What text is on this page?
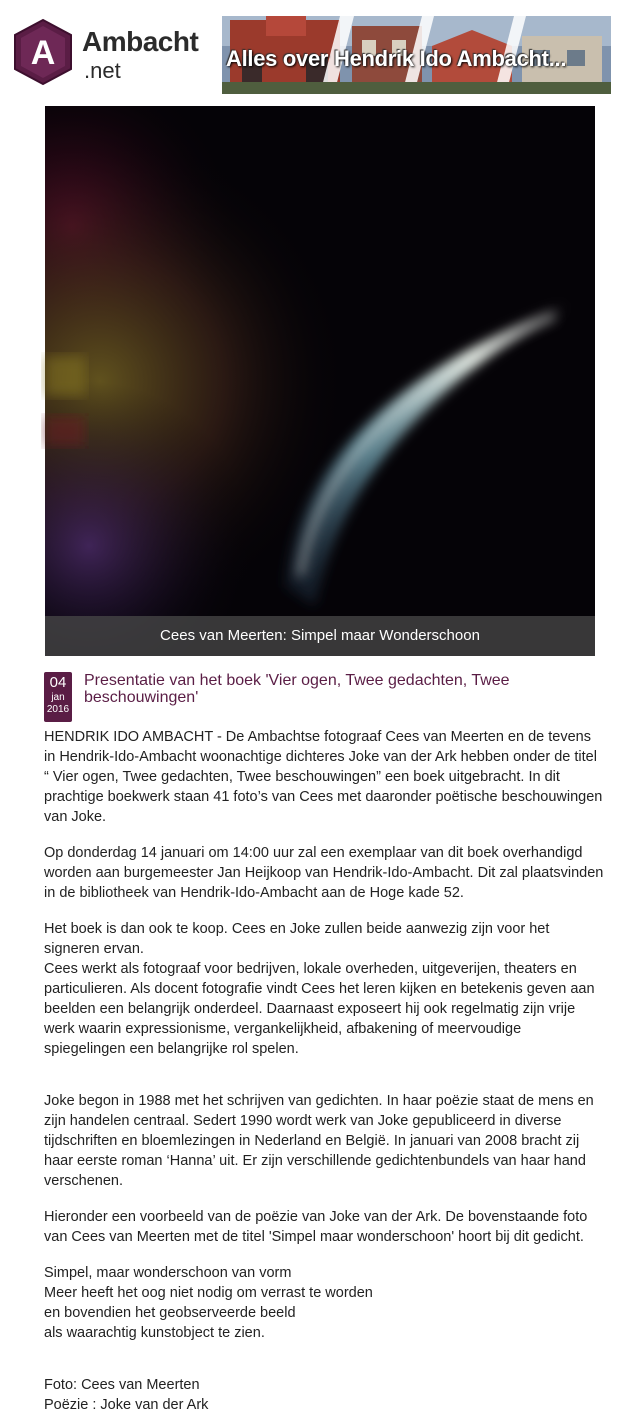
A Ambacht
.net	Alles over Hendrik Ido Ambacht...
Cees van Meerten: Simpel maar Wonderschoon
04
jan
2016
Presentatie van het boek 'Vier ogen, Twee gedachten, Twee beschouwingen'

HENDRIK IDO AMBACHT - De Ambachtse fotograaf Cees van Meerten en de tevens in Hendrik-Ido-Ambacht woonachtige dichteres Joke van der Ark hebben onder de titel “ Vier ogen, Twee gedachten, Twee beschouwingen” een boek uitgebracht. In dit prachtige boekwerk staan 41 foto’s van Cees met daaronder poëtische beschouwingen van Joke.

Op donderdag 14 januari om 14:00 uur zal een exemplaar van dit boek overhandigd worden aan burgemeester Jan Heijkoop van Hendrik-Ido-Ambacht. Dit zal plaatsvinden in de bibliotheek van Hendrik-Ido-Ambacht aan de Hoge kade 52.

Het boek is dan ook te koop. Cees en Joke zullen beide aanwezig zijn voor het signeren ervan.
Cees werkt als fotograaf voor bedrijven, lokale overheden, uitgeverijen, theaters en particulieren. Als docent fotografie vindt Cees het leren kijken en betekenis geven aan beelden een belangrijk onderdeel. Daarnaast exposeert hij ook regelmatig zijn vrije werk waarin expressionisme, vergankelijkheid, afbakening of meervoudige spiegelingen een belangrijke rol spelen.

Joke begon in 1988 met het schrijven van gedichten. In haar poëzie staat de mens en zijn handelen centraal. Sedert 1990 wordt werk van Joke gepubliceerd in diverse tijdschriften en bloemlezingen in Nederland en België. In januari van 2008 bracht zij haar eerste roman ‘Hanna’ uit. Er zijn verschillende gedichtenbundels van haar hand verschenen.

Hieronder een voorbeeld van de poëzie van Joke van der Ark. De bovenstaande foto van Cees van Meerten met de titel 'Simpel maar wonderschoon' hoort bij dit gedicht.

Simpel, maar wonderschoon van vorm
Meer heeft het oog niet nodig om verrast te worden
en bovendien het geobserveerde beeld
als waarachtig kunstobject te zien.
Foto: Cees van Meerten
Poëzie : Joke van der Ark
